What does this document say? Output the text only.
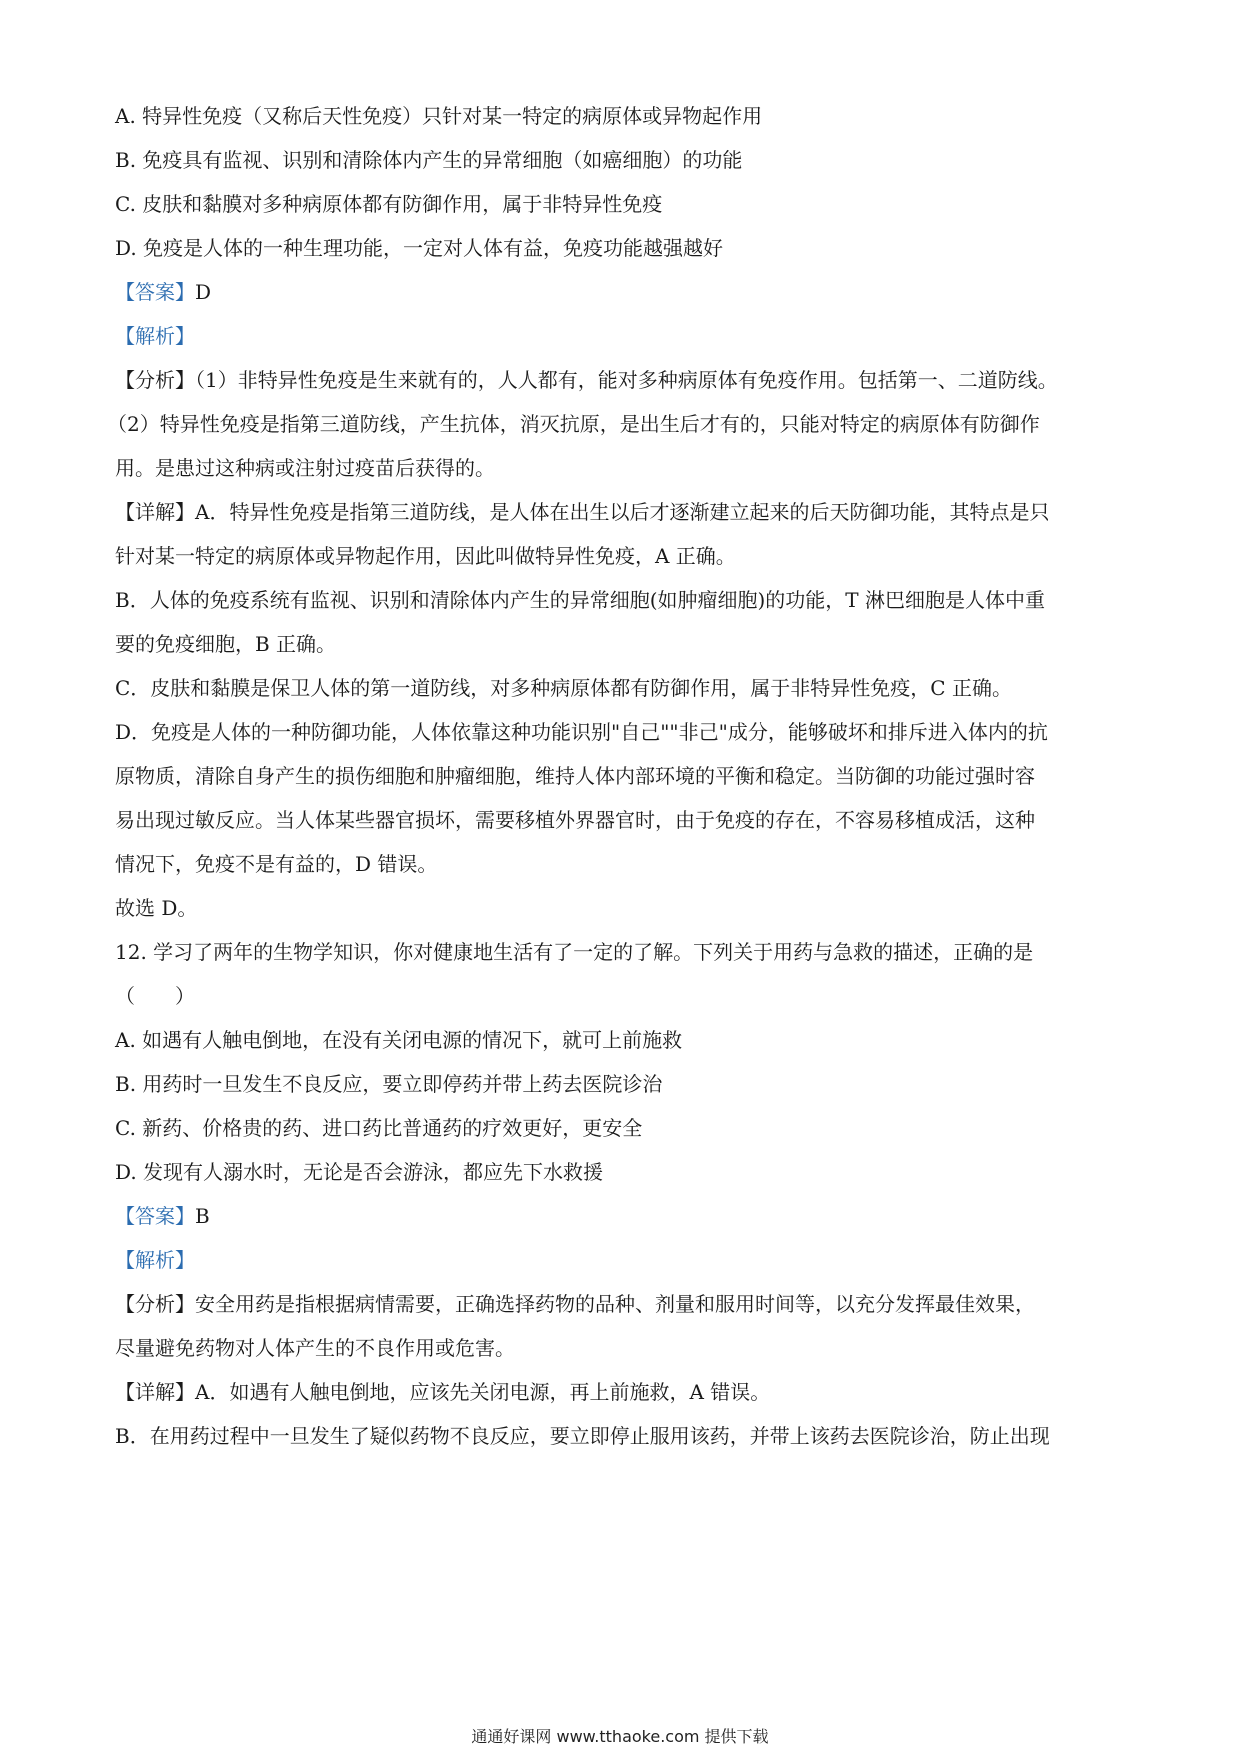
A. 特异性免疫（又称后天性免疫）只针对某一特定的病原体或异物起作用
B. 免疫具有监视、识别和清除体内产生的异常细胞（如癌细胞）的功能
C. 皮肤和黏膜对多种病原体都有防御作用，属于非特异性免疫
D. 免疫是人体的一种生理功能，一定对人体有益，免疫功能越强越好
【答案】D
【解析】
【分析】（1）非特异性免疫是生来就有的，人人都有，能对多种病原体有免疫作用。包括第一、二道防线。
（2）特异性免疫是指第三道防线，产生抗体，消灭抗原，是出生后才有的，只能对特定的病原体有防御作
用。是患过这种病或注射过疫苗后获得的。
【详解】A．特异性免疫是指第三道防线，是人体在出生以后才逐渐建立起来的后天防御功能，其特点是只
针对某一特定的病原体或异物起作用，因此叫做特异性免疫，A 正确。
B．人体的免疫系统有监视、识别和清除体内产生的异常细胞(如肿瘤细胞)的功能，T 淋巴细胞是人体中重
要的免疫细胞，B 正确。
C．皮肤和黏膜是保卫人体的第一道防线，对多种病原体都有防御作用，属于非特异性免疫，C 正确。
D．免疫是人体的一种防御功能，人体依靠这种功能识别"自己""非己"成分，能够破坏和排斥进入体内的抗
原物质，清除自身产生的损伤细胞和肿瘤细胞，维持人体内部环境的平衡和稳定。当防御的功能过强时容
易出现过敏反应。当人体某些器官损坏，需要移植外界器官时，由于免疫的存在，不容易移植成活，这种
情况下，免疫不是有益的，D 错误。
故选 D。
12. 学习了两年的生物学知识，你对健康地生活有了一定的了解。下列关于用药与急救的描述，正确的是
（　　）
A. 如遇有人触电倒地，在没有关闭电源的情况下，就可上前施救
B. 用药时一旦发生不良反应，要立即停药并带上药去医院诊治
C. 新药、价格贵的药、进口药比普通药的疗效更好，更安全
D. 发现有人溺水时，无论是否会游泳，都应先下水救援
【答案】B
【解析】
【分析】安全用药是指根据病情需要，正确选择药物的品种、剂量和服用时间等，以充分发挥最佳效果，
尽量避免药物对人体产生的不良作用或危害。
【详解】A．如遇有人触电倒地，应该先关闭电源，再上前施救，A 错误。
B．在用药过程中一旦发生了疑似药物不良反应，要立即停止服用该药，并带上该药去医院诊治，防止出现
通通好课网 www.tthaoke.com 提供下载
